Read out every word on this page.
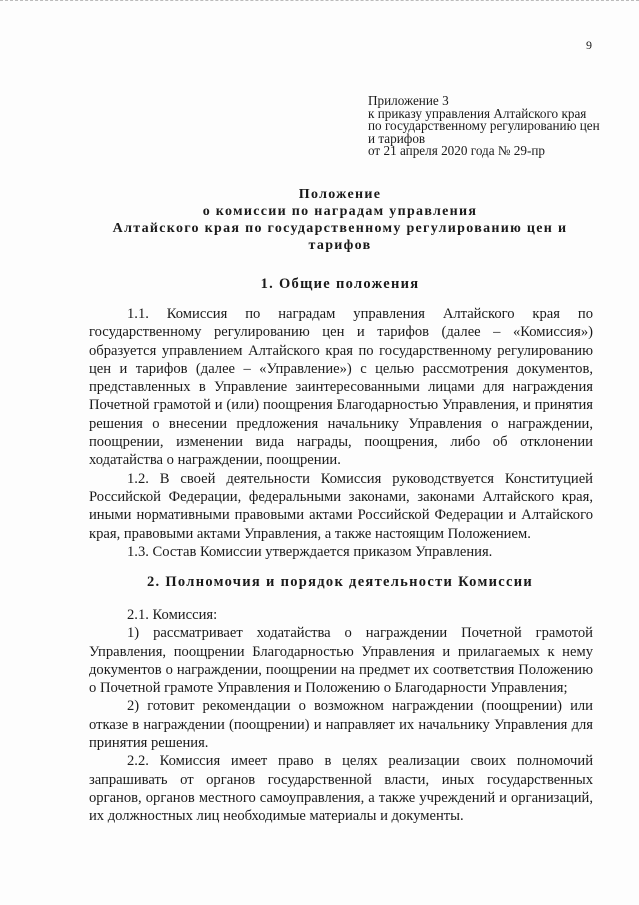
9
Приложение 3
к приказу управления Алтайского края
по государственному регулированию цен
и тарифов
от 21 апреля 2020 года № 29-пр
Положение
о комиссии по наградам управления
Алтайского края по государственному регулированию цен и
тарифов
1. Общие положения

1.1. Комиссия по наградам управления Алтайского края по государственному регулированию цен и тарифов (далее – «Комиссия») образуется управлением Алтайского края по государственному регулированию цен и тарифов (далее – «Управление») с целью рассмотрения документов, представленных в Управление заинтересованными лицами для награждения Почетной грамотой и (или) поощрения Благодарностью Управления, и принятия решения о внесении предложения начальнику Управления о награждении, поощрении, изменении вида награды, поощрения, либо об отклонении ходатайства о награждении, поощрении.

1.2. В своей деятельности Комиссия руководствуется Конституцией Российской Федерации, федеральными законами, законами Алтайского края, иными нормативными правовыми актами Российской Федерации и Алтайского края, правовыми актами Управления, а также настоящим Положением.

1.3. Состав Комиссии утверждается приказом Управления.

2. Полномочия и порядок деятельности Комиссии

2.1. Комиссия:

1) рассматривает ходатайства о награждении Почетной грамотой Управления, поощрении Благодарностью Управления и прилагаемых к нему документов о награждении, поощрении на предмет их соответствия Положению о Почетной грамоте Управления и Положению о Благодарности Управления;

2) готовит рекомендации о возможном награждении (поощрении) или отказе в награждении (поощрении) и направляет их начальнику Управления для принятия решения.

2.2. Комиссия имеет право в целях реализации своих полномочий запрашивать от органов государственной власти, иных государственных органов, органов местного самоуправления, а также учреждений и организаций, их должностных лиц необходимые материалы и документы.
